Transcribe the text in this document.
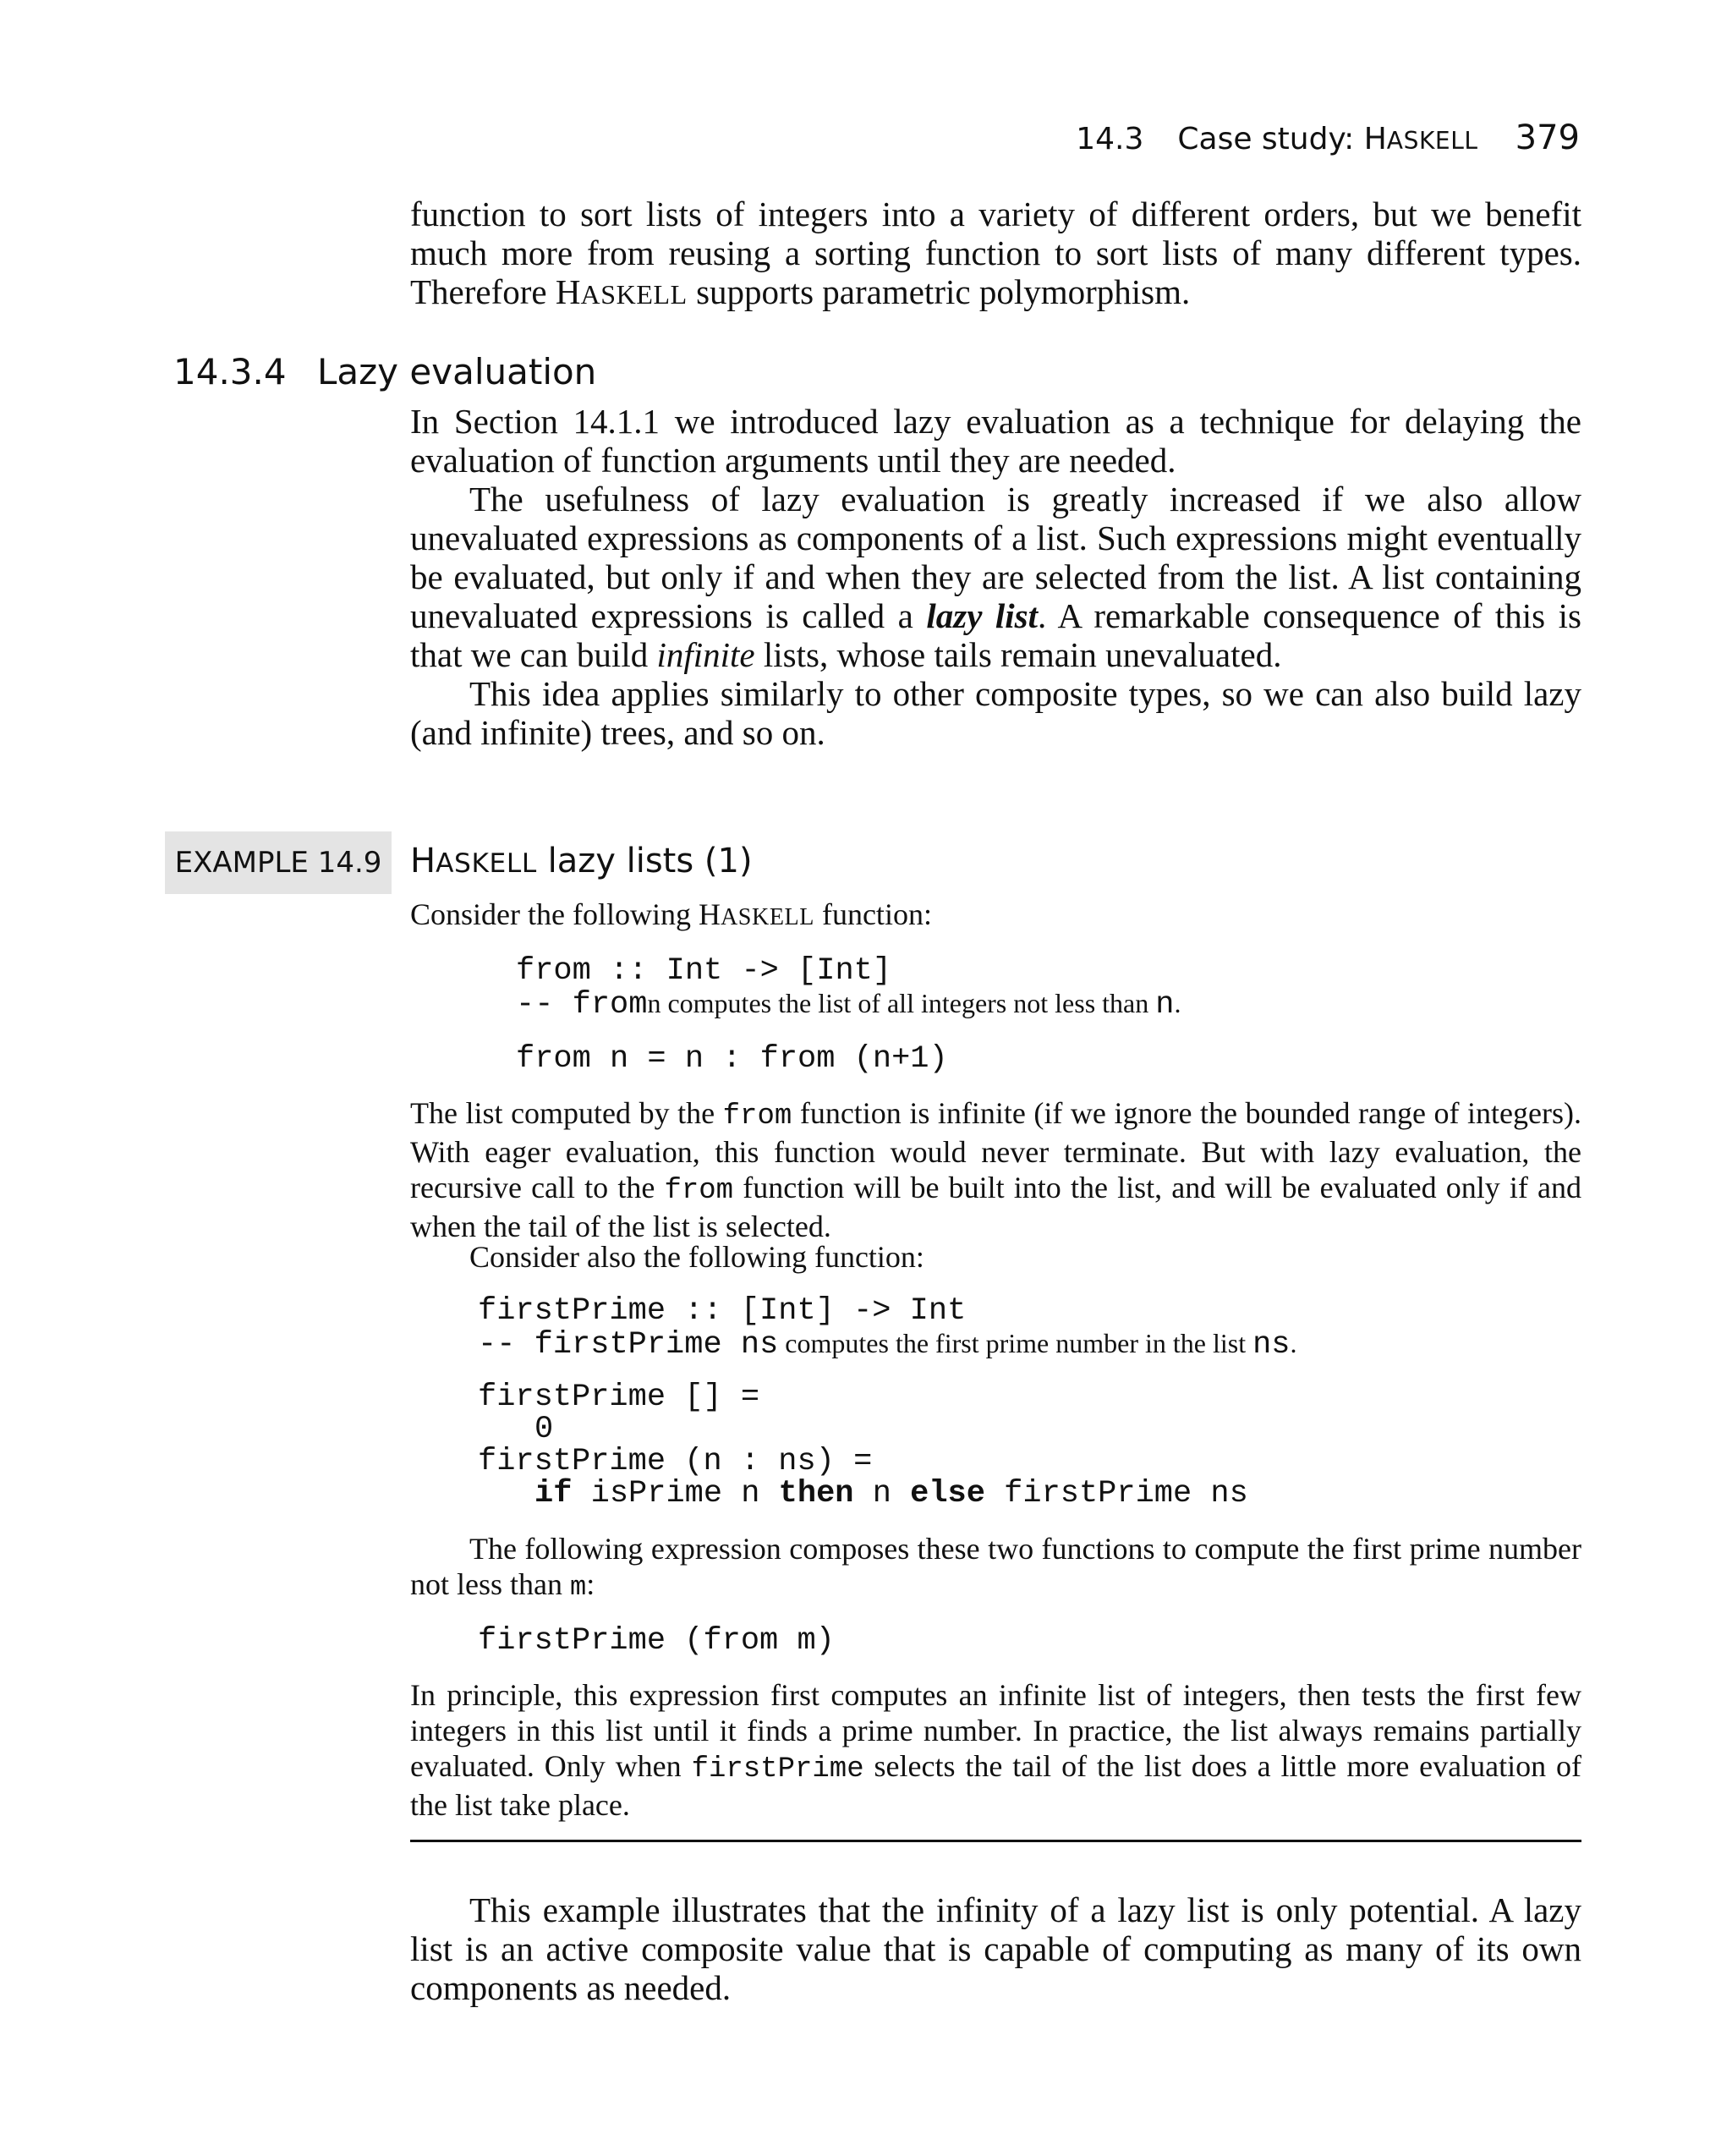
14.3 Case study: HASKELL 379

function to sort lists of integers into a variety of different orders, but we benefit much more from reusing a sorting function to sort lists of many different types. Therefore HASKELL supports parametric polymorphism.

14.3.4 Lazy evaluation

In Section 14.1.1 we introduced lazy evaluation as a technique for delaying the evaluation of function arguments until they are needed.

The usefulness of lazy evaluation is greatly increased if we also allow unevaluated expressions as components of a list. Such expressions might eventually be evaluated, but only if and when they are selected from the list. A list containing unevaluated expressions is called a lazy list. A remarkable consequence of this is that we can build infinite lists, whose tails remain unevaluated.

This idea applies similarly to other composite types, so we can also build lazy (and infinite) trees, and so on.

EXAMPLE 14.9 HASKELL lazy lists (1)

Consider the following HASKELL function:

from :: Int -> [Int]
-- fromn computes the list of all integers not less than n.
from n = n : from (n+1)

The list computed by the from function is infinite (if we ignore the bounded range of integers). With eager evaluation, this function would never terminate. But with lazy evaluation, the recursive call to the from function will be built into the list, and will be evaluated only if and when the tail of the list is selected.

Consider also the following function:

firstPrime :: [Int] -> Int
-- firstPrime ns computes the first prime number in the list ns.
firstPrime [] =
0
firstPrime (n : ns) =
if isPrime n then n else firstPrime ns

The following expression composes these two functions to compute the first prime number not less than m:

firstPrime (from m)

In principle, this expression first computes an infinite list of integers, then tests the first few integers in this list until it finds a prime number. In practice, the list always remains partially evaluated. Only when firstPrime selects the tail of the list does a little more evaluation of the list take place.

This example illustrates that the infinity of a lazy list is only potential. A lazy list is an active composite value that is capable of computing as many of its own components as needed.
